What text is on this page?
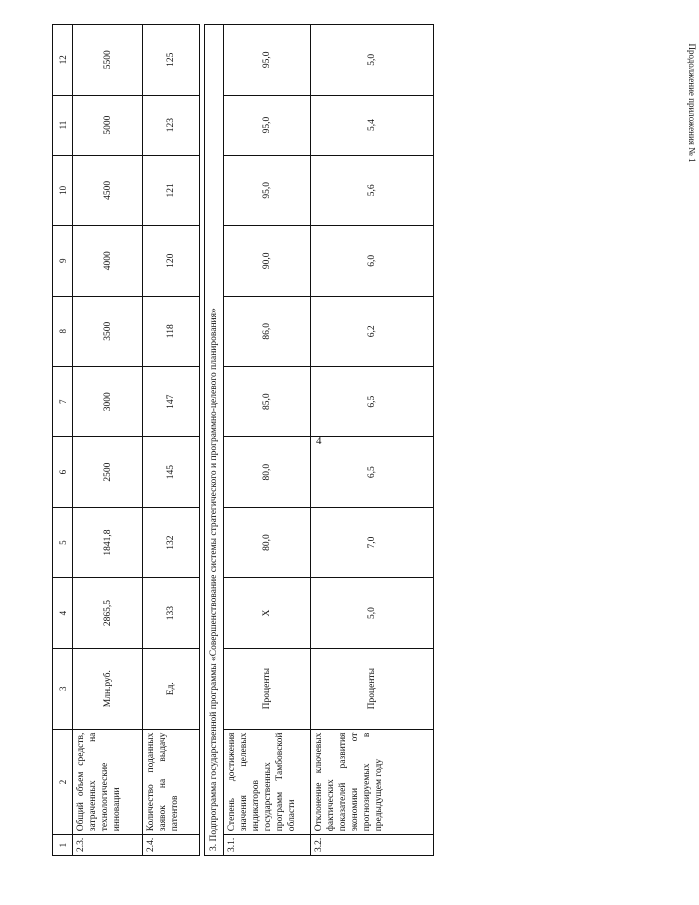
4
Продолжение приложения № 1
1	2	3	4	5	6	7	8	9	10	11	12
2.3.	Общий объем средств, затраченных на технологические инновации	Млн.руб.	2865,5	1841,8	2500	3000	3500	4000	4500	5000	5500
2.4.	Количество поданных заявок на выдачу патентов	Ед.	133	132	145	147	118	120	121	123	125

3. Подпрограмма государственной программы «Совершенствование системы стратегического и программно-целевого планирования»											
3.1.	Степень достижения значения целевых индикаторов государственных программ Тамбовской области	Проценты	Х	80,0	80,0	85,0	86,0	90,0	95,0	95,0	95,0
3.2.	Отклонение ключевых фактических показателей развития экономики от прогнозируемых в предыдущем году	Проценты	5,0	7,0	6,5	6,5	6,2	6,0	5,6	5,4	5,0
